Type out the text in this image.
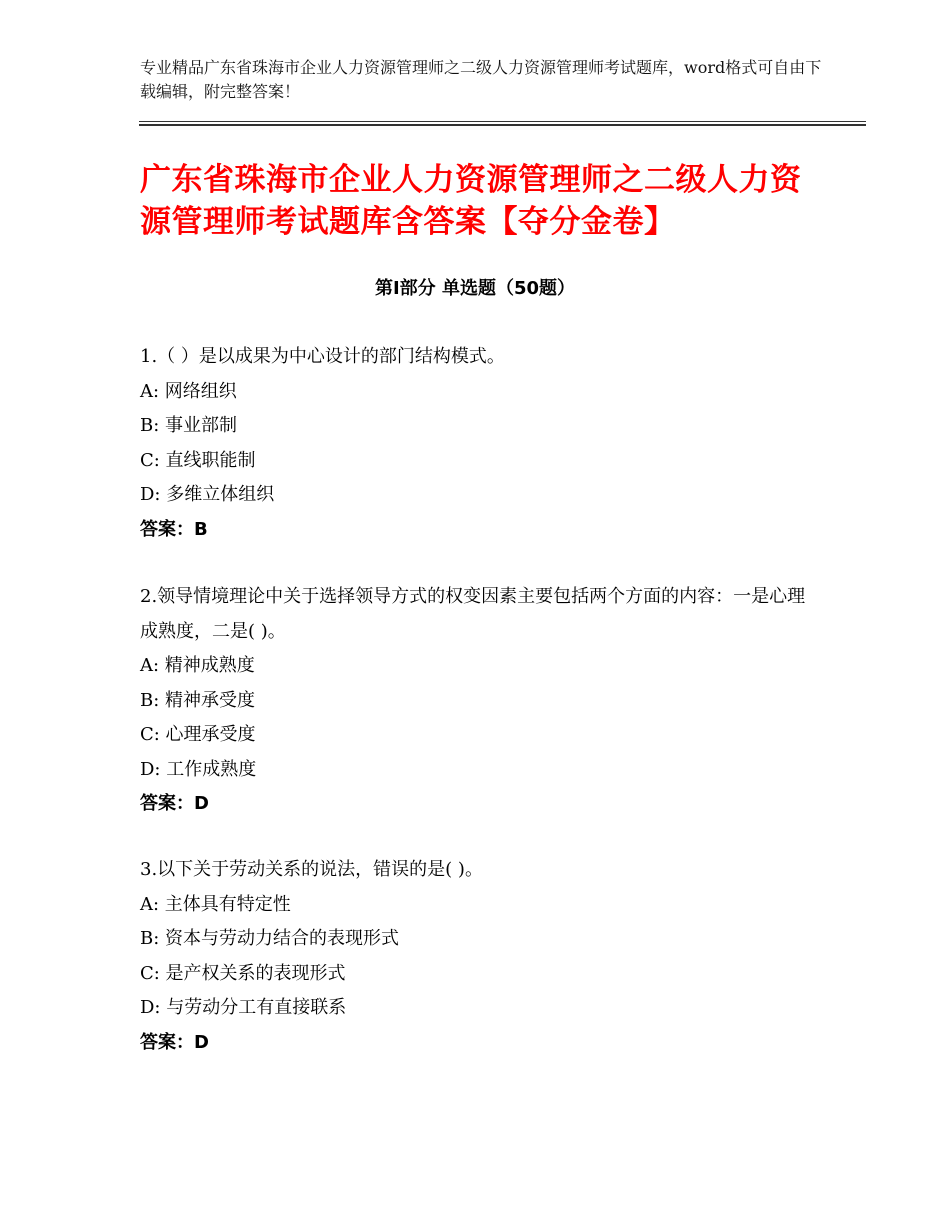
专业精品广东省珠海市企业人力资源管理师之二级人力资源管理师考试题库，word格式可自由下载编辑，附完整答案！
广东省珠海市企业人力资源管理师之二级人力资源管理师考试题库含答案【夺分金卷】
第Ⅰ部分 单选题（50题）
1.（ ）是以成果为中心设计的部门结构模式。
A: 网络组织
B: 事业部制
C: 直线职能制
D: 多维立体组织
答案：B
2.领导情境理论中关于选择领导方式的权变因素主要包括两个方面的内容：一是心理成熟度，二是( )。
A: 精神成熟度
B: 精神承受度
C: 心理承受度
D: 工作成熟度
答案：D
3.以下关于劳动关系的说法，错误的是( )。
A: 主体具有特定性
B: 资本与劳动力结合的表现形式
C: 是产权关系的表现形式
D: 与劳动分工有直接联系
答案：D
